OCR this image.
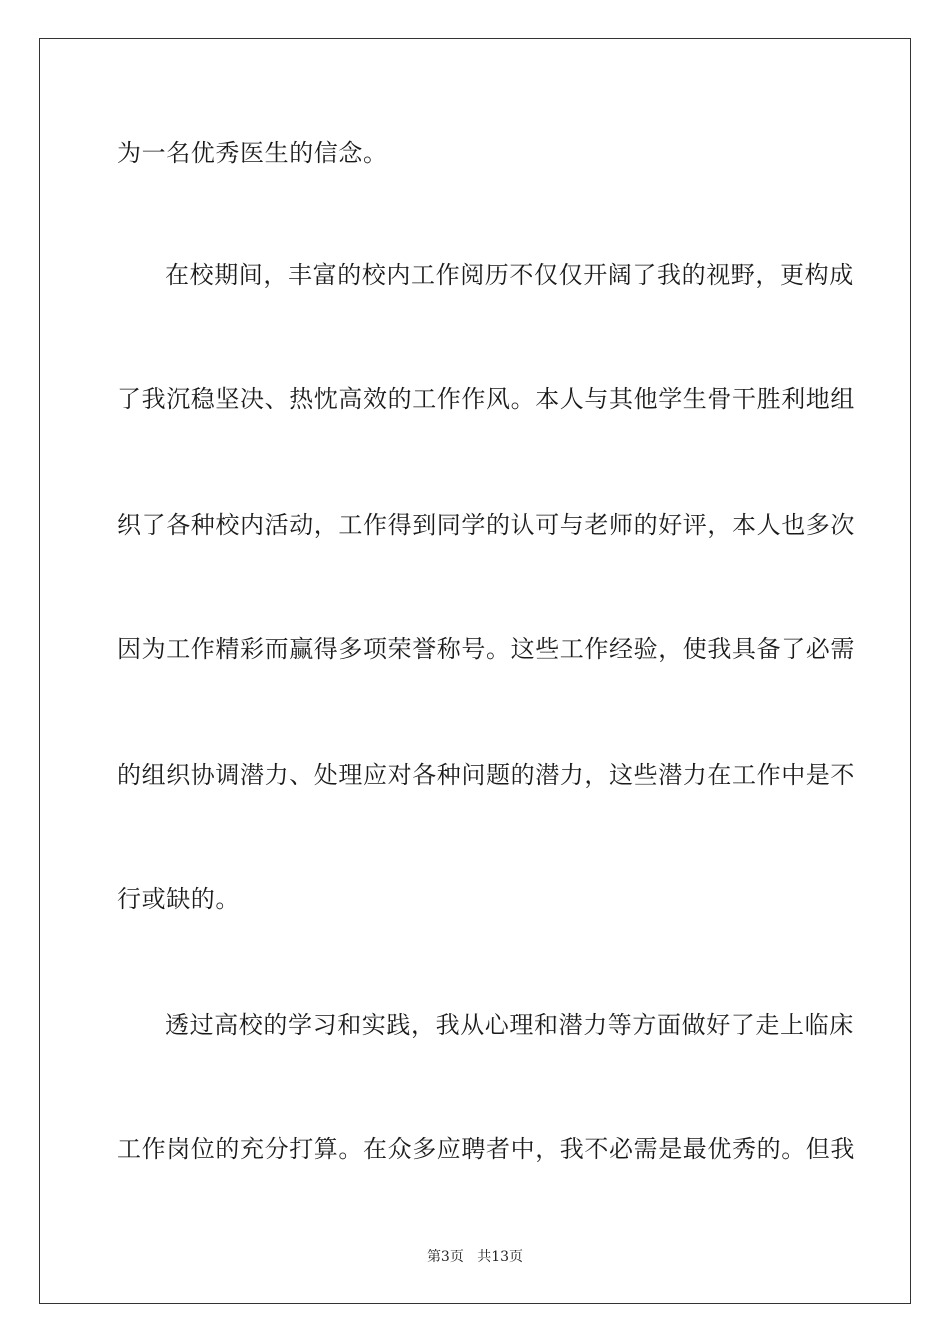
为一名优秀医生的信念。
在校期间，丰富的校内工作阅历不仅仅开阔了我的视野，更构成
了我沉稳坚决、热忱高效的工作作风。本人与其他学生骨干胜利地组
织了各种校内活动，工作得到同学的认可与老师的好评，本人也多次
因为工作精彩而赢得多项荣誉称号。这些工作经验，使我具备了必需
的组织协调潜力、处理应对各种问题的潜力，这些潜力在工作中是不
行或缺的。
透过高校的学习和实践，我从心理和潜力等方面做好了走上临床
工作岗位的充分打算。在众多应聘者中，我不必需是最优秀的。但我
第3页 共13页
